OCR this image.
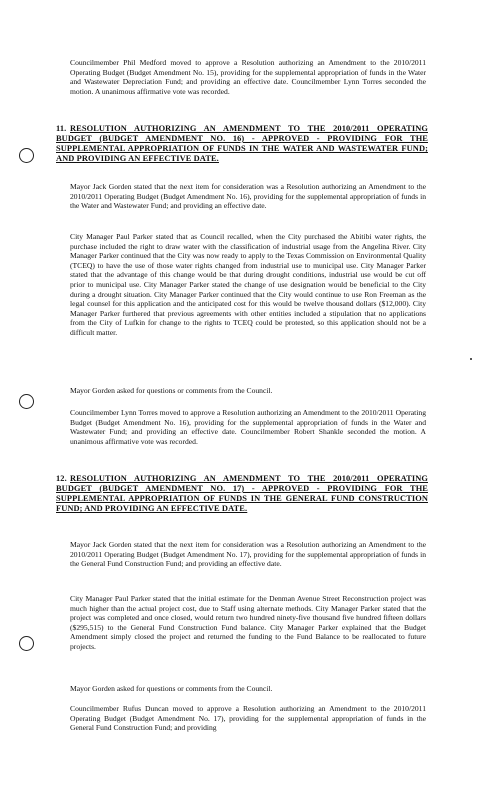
Councilmember Phil Medford moved to approve a Resolution authorizing an Amendment to the 2010/2011 Operating Budget (Budget Amendment No. 15), providing for the supplemental appropriation of funds in the Water and Wastewater Depreciation Fund; and providing an effective date. Councilmember Lynn Torres seconded the motion. A unanimous affirmative vote was recorded.

11. RESOLUTION AUTHORIZING AN AMENDMENT TO THE 2010/2011 OPERATING BUDGET (BUDGET AMENDMENT NO. 16) - APPROVED - PROVIDING FOR THE SUPPLEMENTAL APPROPRIATION OF FUNDS IN THE WATER AND WASTEWATER FUND; AND PROVIDING AN EFFECTIVE DATE.

Mayor Jack Gorden stated that the next item for consideration was a Resolution authorizing an Amendment to the 2010/2011 Operating Budget (Budget Amendment No. 16), providing for the supplemental appropriation of funds in the Water and Wastewater Fund; and providing an effective date.

City Manager Paul Parker stated that as Council recalled, when the City purchased the Abitibi water rights, the purchase included the right to draw water with the classification of industrial usage from the Angelina River. City Manager Parker continued that the City was now ready to apply to the Texas Commission on Environmental Quality (TCEQ) to have the use of those water rights changed from industrial use to municipal use. City Manager Parker stated that the advantage of this change would be that during drought conditions, industrial use would be cut off prior to municipal use. City Manager Parker stated the change of use designation would be beneficial to the City during a drought situation. City Manager Parker continued that the City would continue to use Ron Freeman as the legal counsel for this application and the anticipated cost for this would be twelve thousand dollars ($12,000). City Manager Parker furthered that previous agreements with other entities included a stipulation that no applications from the City of Lufkin for change to the rights to TCEQ could be protested, so this application should not be a difficult matter.

Mayor Gorden asked for questions or comments from the Council.

Councilmember Lynn Torres moved to approve a Resolution authorizing an Amendment to the 2010/2011 Operating Budget (Budget Amendment No. 16), providing for the supplemental appropriation of funds in the Water and Wastewater Fund; and providing an effective date. Councilmember Robert Shankle seconded the motion. A unanimous affirmative vote was recorded.

12. RESOLUTION AUTHORIZING AN AMENDMENT TO THE 2010/2011 OPERATING BUDGET (BUDGET AMENDMENT NO. 17) - APPROVED - PROVIDING FOR THE SUPPLEMENTAL APPROPRIATION OF FUNDS IN THE GENERAL FUND CONSTRUCTION FUND; AND PROVIDING AN EFFECTIVE DATE.

Mayor Jack Gorden stated that the next item for consideration was a Resolution authorizing an Amendment to the 2010/2011 Operating Budget (Budget Amendment No. 17), providing for the supplemental appropriation of funds in the General Fund Construction Fund; and providing an effective date.

City Manager Paul Parker stated that the initial estimate for the Denman Avenue Street Reconstruction project was much higher than the actual project cost, due to Staff using alternate methods. City Manager Parker stated that the project was completed and once closed, would return two hundred ninety-five thousand five hundred fifteen dollars ($295,515) to the General Fund Construction Fund balance. City Manager Parker explained that the Budget Amendment simply closed the project and returned the funding to the Fund Balance to be reallocated to future projects.

Mayor Gorden asked for questions or comments from the Council.

Councilmember Rufus Duncan moved to approve a Resolution authorizing an Amendment to the 2010/2011 Operating Budget (Budget Amendment No. 17), providing for the supplemental appropriation of funds in the General Fund Construction Fund; and providing
